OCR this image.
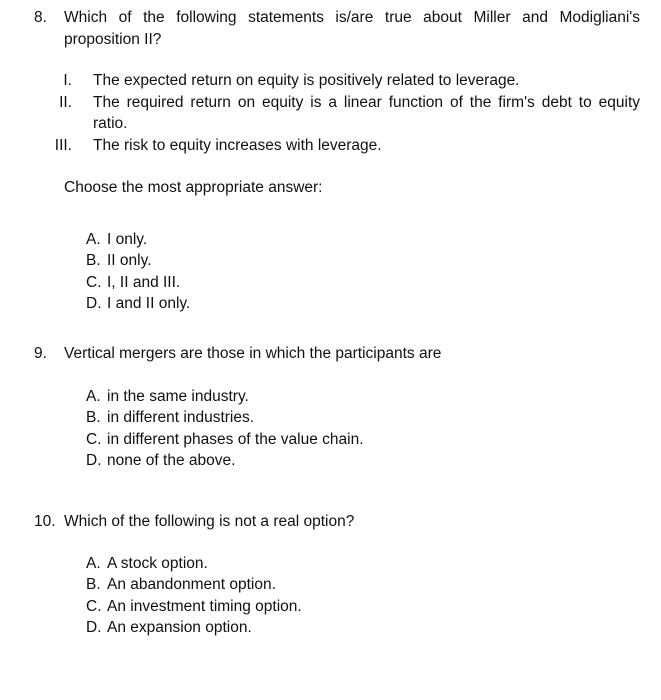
8. Which of the following statements is/are true about Miller and Modigliani's proposition II?
I. The expected return on equity is positively related to leverage.
II. The required return on equity is a linear function of the firm's debt to equity ratio.
III. The risk to equity increases with leverage.
Choose the most appropriate answer:
A. I only.
B. II only.
C. I, II and III.
D. I and II only.
9. Vertical mergers are those in which the participants are
A. in the same industry.
B. in different industries.
C. in different phases of the value chain.
D. none of the above.
10. Which of the following is not a real option?
A. A stock option.
B. An abandonment option.
C. An investment timing option.
D. An expansion option.
